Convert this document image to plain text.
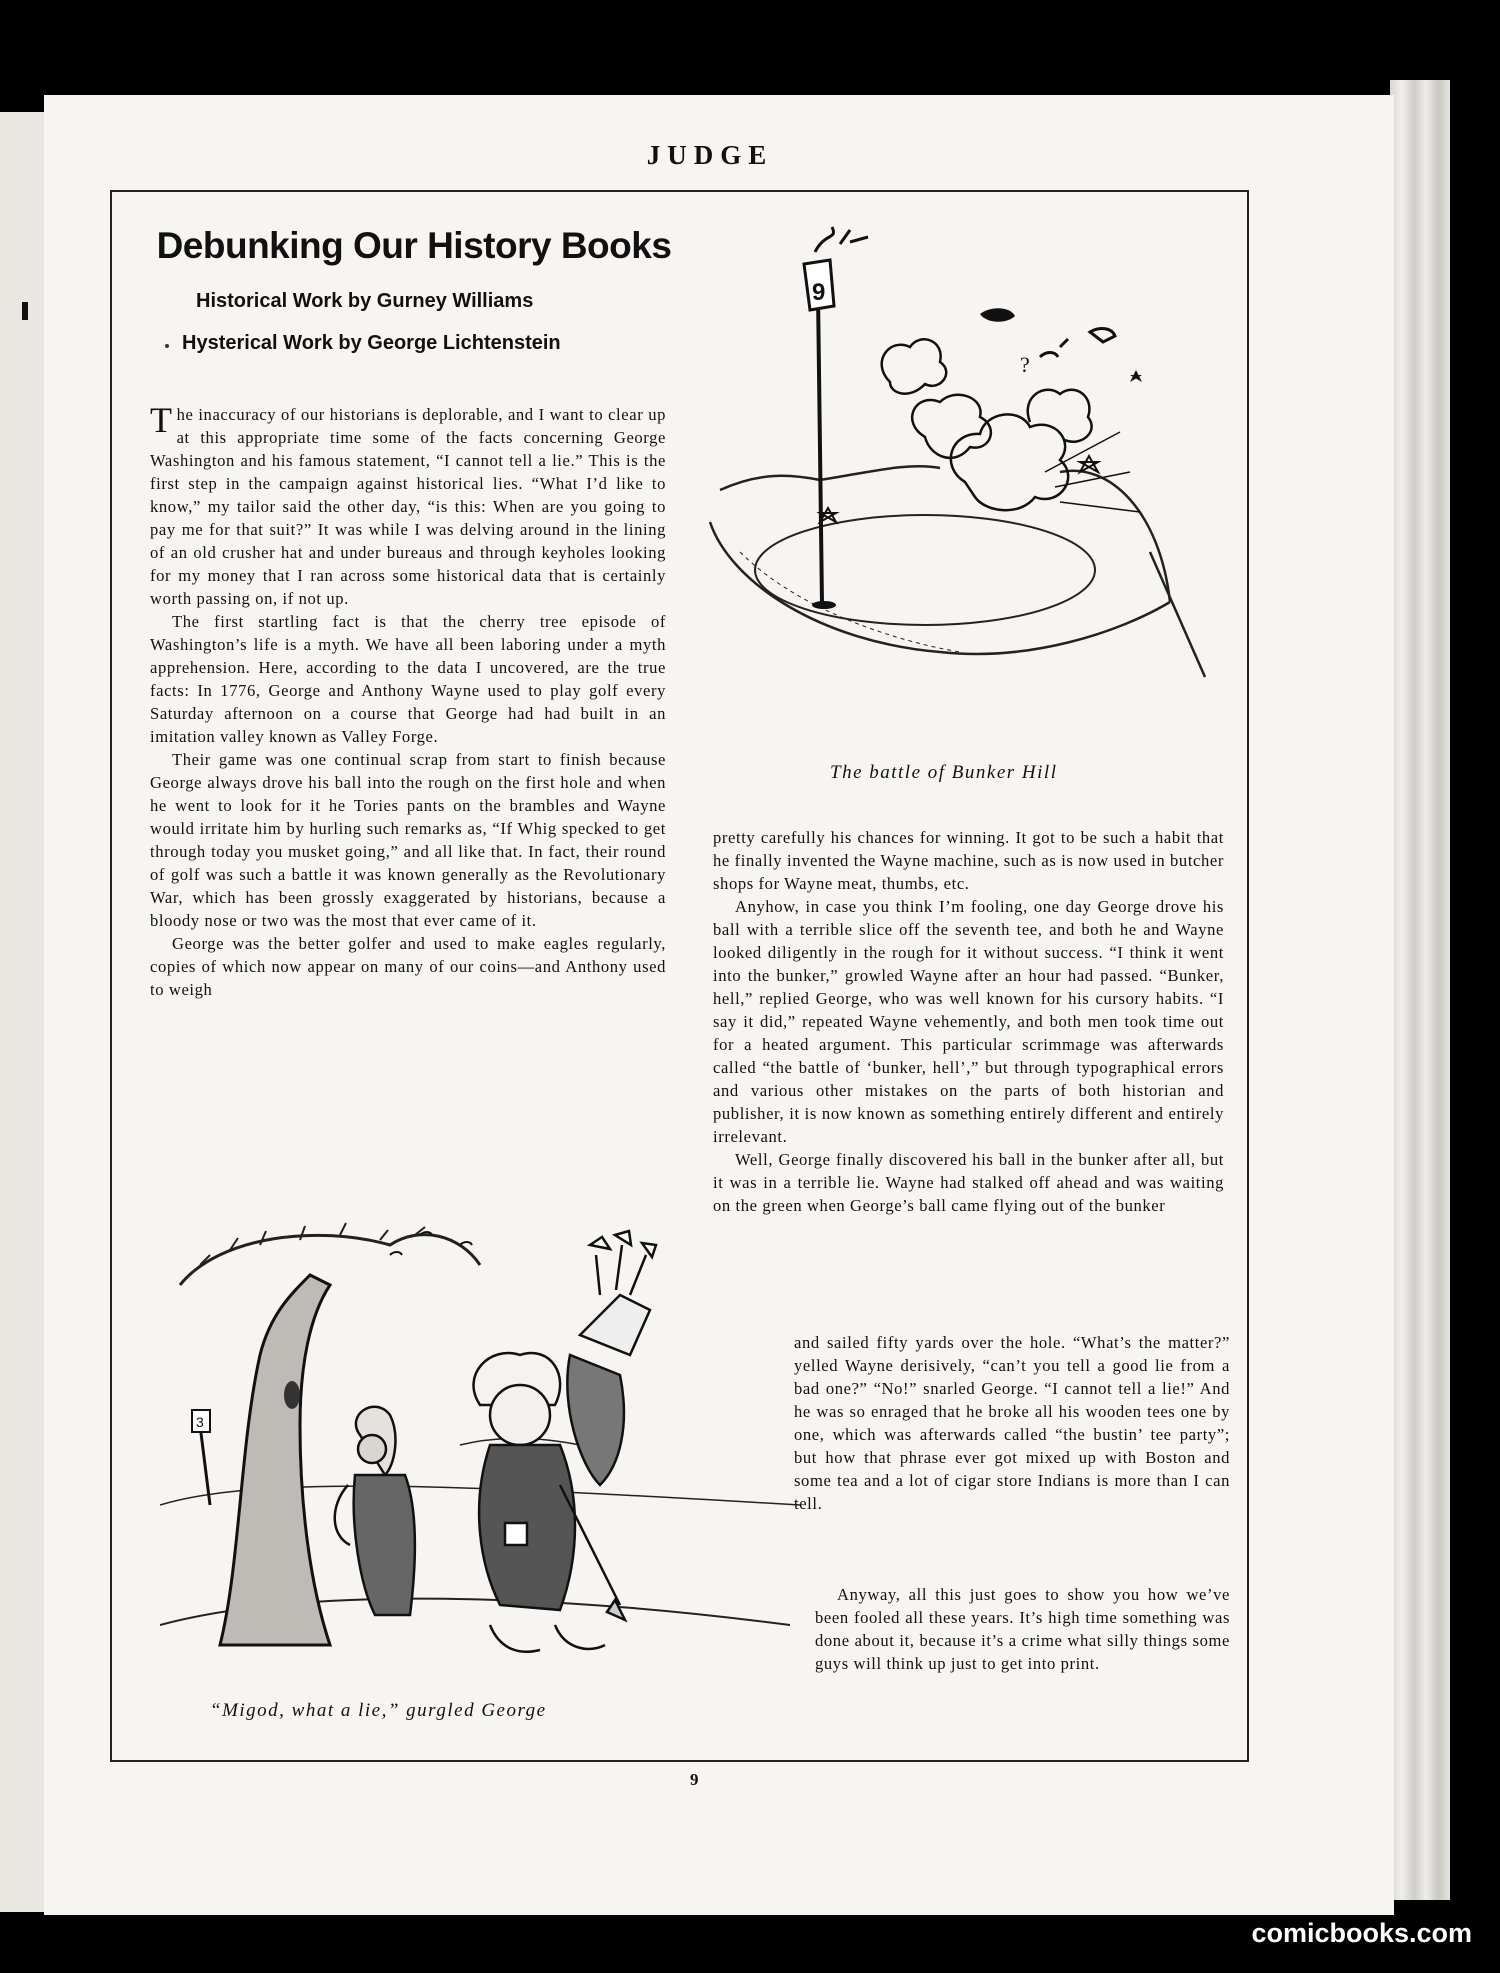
JUDGE
Debunking Our History Books
Historical Work by Gurney Williams
Hysterical Work by George Lichtenstein

The inaccuracy of our historians is deplorable, and I want to clear up at this appropriate time some of the facts concerning George Washington and his famous statement, “I cannot tell a lie.” This is the first step in the campaign against historical lies. “What I’d like to know,” my tailor said the other day, “is this: When are you going to pay me for that suit?” It was while I was delving around in the lining of an old crusher hat and under bureaus and through keyholes looking for my money that I ran across some historical data that is certainly worth passing on, if not up.

The first startling fact is that the cherry tree episode of Washington’s life is a myth. We have all been laboring under a myth apprehension. Here, according to the data I uncovered, are the true facts: In 1776, George and Anthony Wayne used to play golf every Saturday afternoon on a course that George had had built in an imitation valley known as Valley Forge.

Their game was one continual scrap from start to finish because George always drove his ball into the rough on the first hole and when he went to look for it he Tories pants on the brambles and Wayne would irritate him by hurling such remarks as, “If Whig specked to get through today you musket going,” and all like that. In fact, their round of golf was such a battle it was known generally as the Revolutionary War, which has been grossly exaggerated by historians, because a bloody nose or two was the most that ever came of it.

George was the better golfer and used to make eagles regularly, copies of which now appear on many of our coins—and Anthony used to weigh

9
?
The battle of Bunker Hill

pretty carefully his chances for winning. It got to be such a habit that he finally invented the Wayne machine, such as is now used in butcher shops for Wayne meat, thumbs, etc.

Anyhow, in case you think I’m fooling, one day George drove his ball with a terrible slice off the seventh tee, and both he and Wayne looked diligently in the rough for it without success. “I think it went into the bunker,” growled Wayne after an hour had passed. “Bunker, hell,” replied George, who was well known for his cursory habits. “I say it did,” repeated Wayne vehemently, and both men took time out for a heated argument. This particular scrimmage was afterwards called “the battle of ‘bunker, hell’,” but through typographical errors and various other mistakes on the parts of both historian and publisher, it is now known as something entirely different and entirely irrelevant.

Well, George finally discovered his ball in the bunker after all, but it was in a terrible lie. Wayne had stalked off ahead and was waiting on the green when George’s ball came flying out of the bunker

and sailed fifty yards over the hole. “What’s the matter?” yelled Wayne derisively, “can’t you tell a good lie from a bad one?” “No!” snarled George. “I cannot tell a lie!” And he was so enraged that he broke all his wooden tees one by one, which was afterwards called “the bustin’ tee party”; but how that phrase ever got mixed up with Boston and some tea and a lot of cigar store Indians is more than I can tell.

Anyway, all this just goes to show you how we’ve been fooled all these years. It’s high time something was done about it, because it’s a crime what silly things some guys will think up just to get into print.

3
“Migod, what a lie,” gurgled George
9
comicbooks.com
